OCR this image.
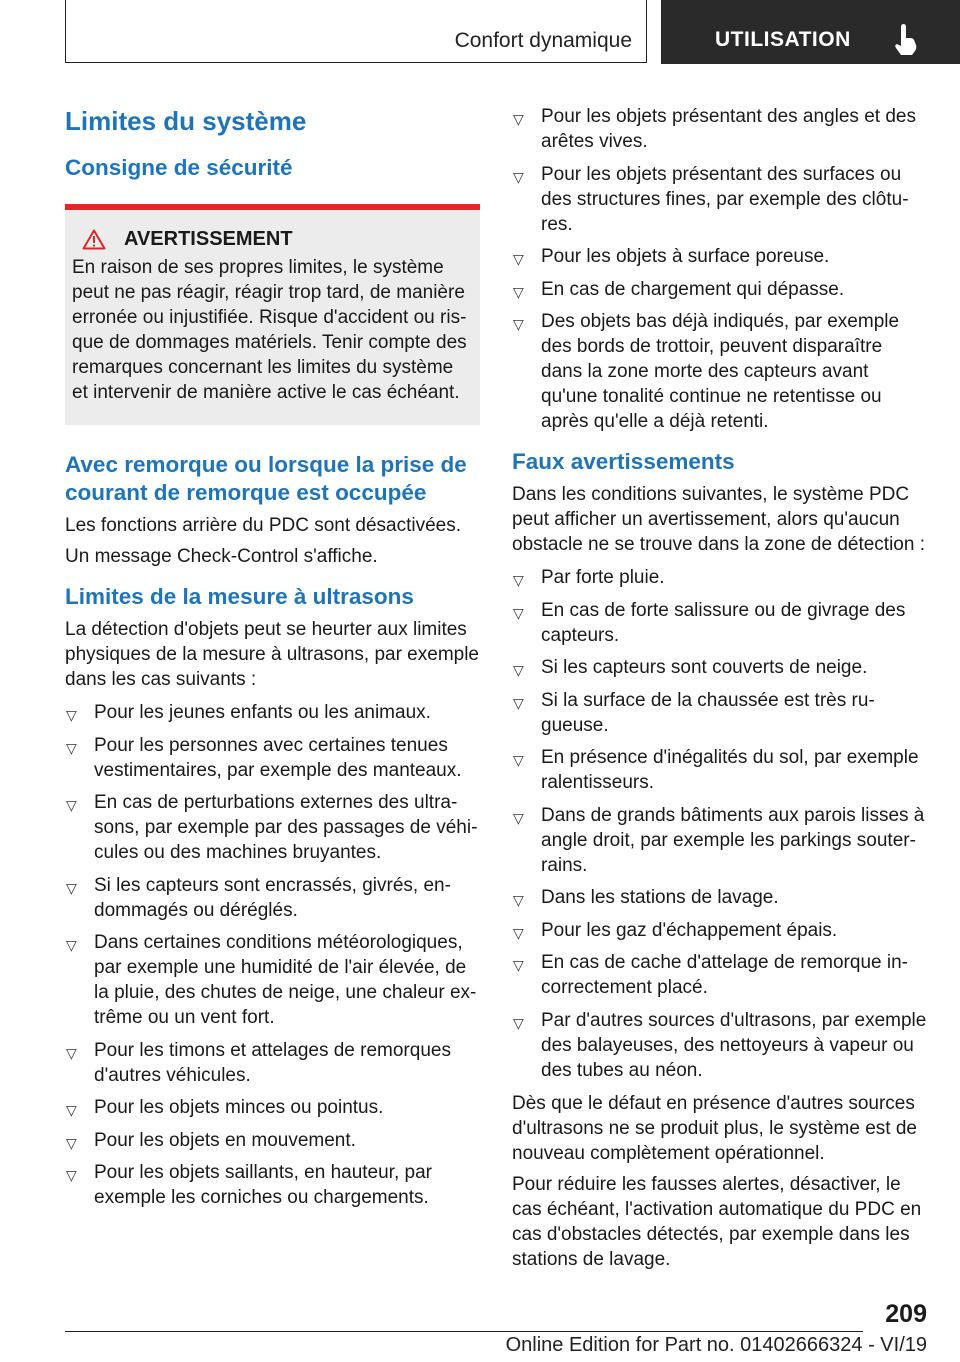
Confort dynamique	UTILISATION
Limites du système
Consigne de sécurité
AVERTISSEMENT
En raison de ses propres limites, le système peut ne pas réagir, réagir trop tard, de manière erronée ou injustifiée. Risque d'accident ou risque de dommages matériels. Tenir compte des remarques concernant les limites du système et intervenir de manière active le cas échéant.
Avec remorque ou lorsque la prise de courant de remorque est occupée
Les fonctions arrière du PDC sont désactivées.
Un message Check-Control s'affiche.
Limites de la mesure à ultrasons
La détection d'objets peut se heurter aux limites physiques de la mesure à ultrasons, par exemple dans les cas suivants :
▽ Pour les jeunes enfants ou les animaux.
▽ Pour les personnes avec certaines tenues vestimentaires, par exemple des manteaux.
▽ En cas de perturbations externes des ultrasons, par exemple par des passages de véhicules ou des machines bruyantes.
▽ Si les capteurs sont encrassés, givrés, endommagés ou déréglés.
▽ Dans certaines conditions météorologiques, par exemple une humidité de l'air élevée, de la pluie, des chutes de neige, une chaleur extrême ou un vent fort.
▽ Pour les timons et attelages de remorques d'autres véhicules.
▽ Pour les objets minces ou pointus.
▽ Pour les objets en mouvement.
▽ Pour les objets saillants, en hauteur, par exemple les corniches ou chargements.
▽ Pour les objets présentant des angles et des arêtes vives.
▽ Pour les objets présentant des surfaces ou des structures fines, par exemple des clôtures.
▽ Pour les objets à surface poreuse.
▽ En cas de chargement qui dépasse.
▽ Des objets bas déjà indiqués, par exemple des bords de trottoir, peuvent disparaître dans la zone morte des capteurs avant qu'une tonalité continue ne retentisse ou après qu'elle a déjà retenti.
Faux avertissements
Dans les conditions suivantes, le système PDC peut afficher un avertissement, alors qu'aucun obstacle ne se trouve dans la zone de détection :
▽ Par forte pluie.
▽ En cas de forte salissure ou de givrage des capteurs.
▽ Si les capteurs sont couverts de neige.
▽ Si la surface de la chaussée est très rugueuse.
▽ En présence d'inégalités du sol, par exemple ralentisseurs.
▽ Dans de grands bâtiments aux parois lisses à angle droit, par exemple les parkings souterrains.
▽ Dans les stations de lavage.
▽ Pour les gaz d'échappement épais.
▽ En cas de cache d'attelage de remorque incorrectement placé.
▽ Par d'autres sources d'ultrasons, par exemple des balayeuses, des nettoyeurs à vapeur ou des tubes au néon.
Dès que le défaut en présence d'autres sources d'ultrasons ne se produit plus, le système est de nouveau complètement opérationnel.
Pour réduire les fausses alertes, désactiver, le cas échéant, l'activation automatique du PDC en cas d'obstacles détectés, par exemple dans les stations de lavage.
209
Online Edition for Part no. 01402666324 - VI/19
